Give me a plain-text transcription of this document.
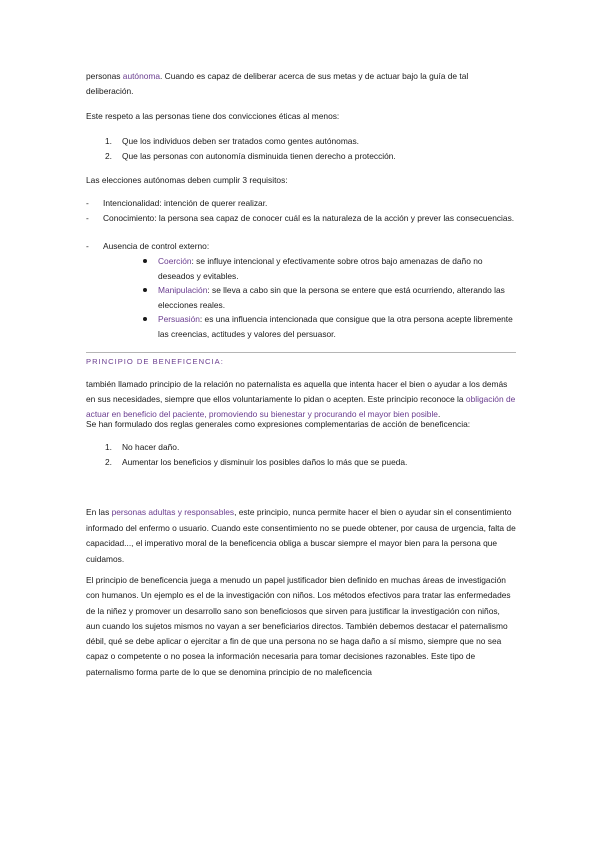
personas autónoma. Cuando es capaz de deliberar acerca de sus metas y de actuar bajo la guía de tal deliberación.

Este respeto a las personas tiene dos convicciones éticas al menos:

1. Que los individuos deben ser tratados como gentes autónomas.
2. Que las personas con autonomía disminuida tienen derecho a protección.

Las elecciones autónomas deben cumplir 3 requisitos:

- Intencionalidad: intención de querer realizar.
- Conocimiento: la persona sea capaz de conocer cuál es la naturaleza de la acción y prever las consecuencias.
- Ausencia de control externo:
Coerción: se influye intencional y efectivamente sobre otros bajo amenazas de daño no deseados y evitables.
Manipulación: se lleva a cabo sin que la persona se entere que está ocurriendo, alterando las elecciones reales.
Persuasión: es una influencia intencionada que consigue que la otra persona acepte libremente las creencias, actitudes y valores del persuasor.
PRINCIPIO DE BENEFICENCIA:

también llamado principio de la relación no paternalista es aquella que intenta hacer el bien o ayudar a los demás en sus necesidades, siempre que ellos voluntariamente lo pidan o acepten. Este principio reconoce la obligación de actuar en beneficio del paciente, promoviendo su bienestar y procurando el mayor bien posible.

Se han formulado dos reglas generales como expresiones complementarias de acción de beneficencia:

1. No hacer daño.
2. Aumentar los beneficios y disminuir los posibles daños lo más que se pueda.

En las personas adultas y responsables, este principio, nunca permite hacer el bien o ayudar sin el consentimiento informado del enfermo o usuario. Cuando este consentimiento no se puede obtener, por causa de urgencia, falta de capacidad..., el imperativo moral de la beneficencia obliga a buscar siempre el mayor bien para la persona que cuidamos.

El principio de beneficencia juega a menudo un papel justificador bien definido en muchas áreas de investigación con humanos. Un ejemplo es el de la investigación con niños. Los métodos efectivos para tratar las enfermedades de la niñez y promover un desarrollo sano son beneficiosos que sirven para justificar la investigación con niños, aun cuando los sujetos mismos no vayan a ser beneficiarios directos. También debemos destacar el paternalismo débil, qué se debe aplicar o ejercitar a fin de que una persona no se haga daño a sí mismo, siempre que no sea capaz o competente o no posea la información necesaria para tomar decisiones razonables. Este tipo de paternalismo forma parte de lo que se denomina principio de no maleficencia
